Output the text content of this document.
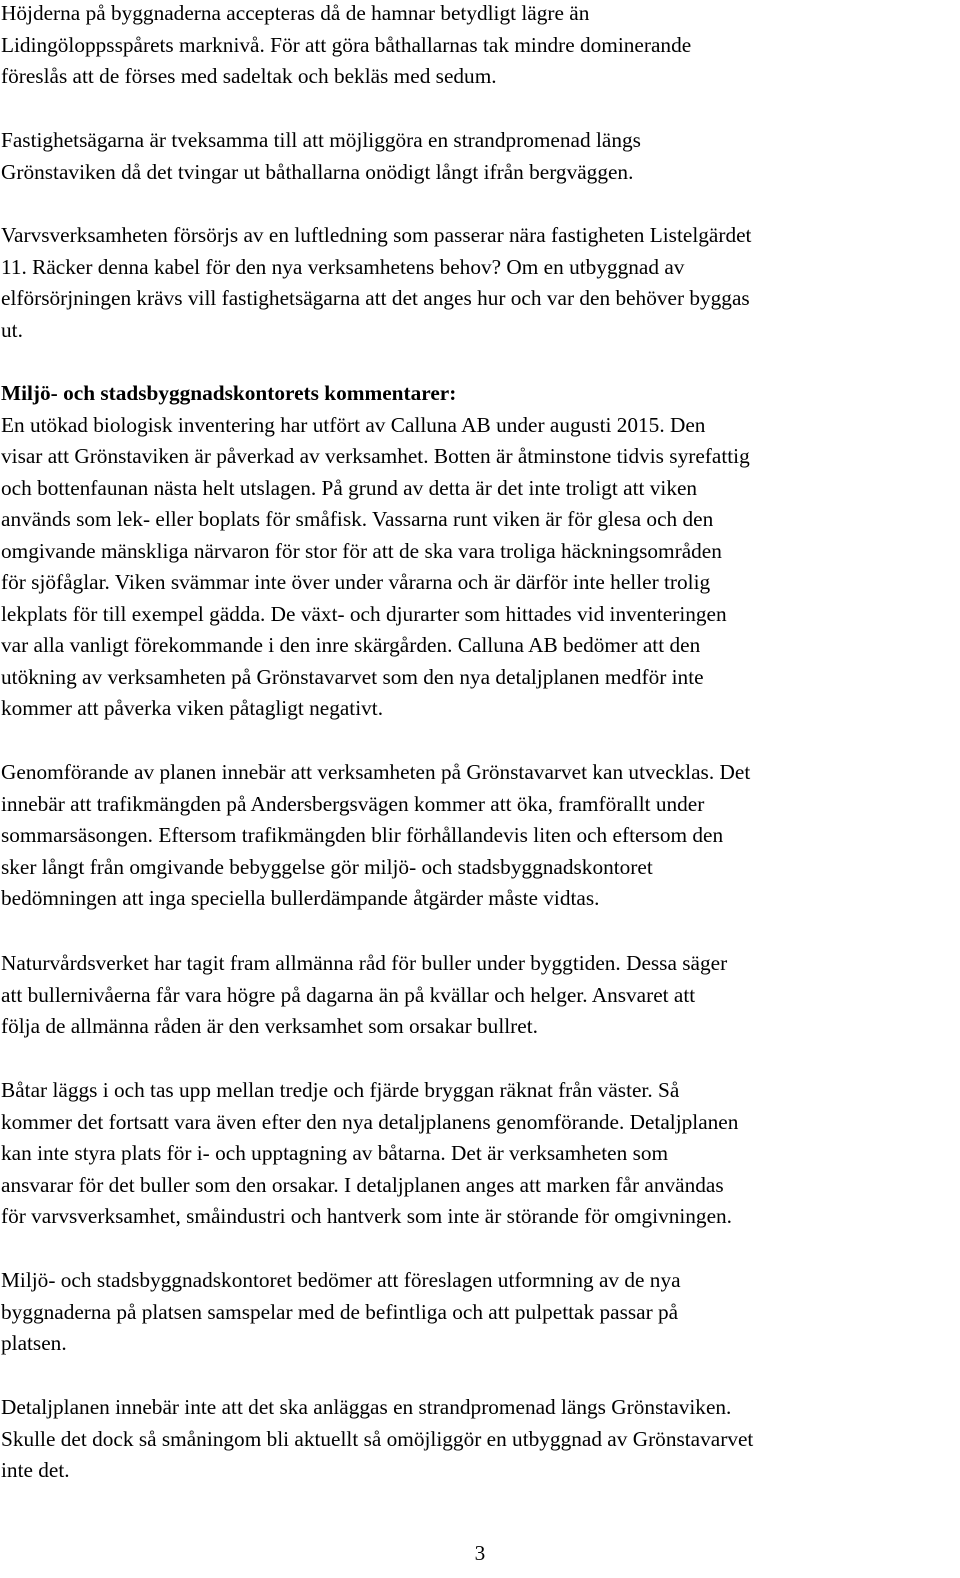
Höjderna på byggnaderna accepteras då de hamnar betydligt lägre än
Lidingöloppsspårets marknivå. För att göra båthallarnas tak mindre dominerande
föreslås att de förses med sadeltak och bekläs med sedum.

Fastighetsägarna är tveksamma till att möjliggöra en strandpromenad längs
Grönstaviken då det tvingar ut båthallarna onödigt långt ifrån bergväggen.

Varvsverksamheten försörjs av en luftledning som passerar nära fastigheten Listelgärdet
11. Räcker denna kabel för den nya verksamhetens behov? Om en utbyggnad av
elförsörjningen krävs vill fastighetsägarna att det anges hur och var den behöver byggas
ut.

Miljö- och stadsbyggnadskontorets kommentarer:
En utökad biologisk inventering har utfört av Calluna AB under augusti 2015. Den
visar att Grönstaviken är påverkad av verksamhet. Botten är åtminstone tidvis syrefattig
och bottenfaunan nästa helt utslagen. På grund av detta är det inte troligt att viken
används som lek- eller boplats för småfisk. Vassarna runt viken är för glesa och den
omgivande mänskliga närvaron för stor för att de ska vara troliga häckningsområden
för sjöfåglar. Viken svämmar inte över under vårarna och är därför inte heller trolig
lekplats för till exempel gädda. De växt- och djurarter som hittades vid inventeringen
var alla vanligt förekommande i den inre skärgården. Calluna AB bedömer att den
utökning av verksamheten på Grönstavarvet som den nya detaljplanen medför inte
kommer att påverka viken påtagligt negativt.

Genomförande av planen innebär att verksamheten på Grönstavarvet kan utvecklas. Det
innebär att trafikmängden på Andersbergsvägen kommer att öka, framförallt under
sommarsäsongen. Eftersom trafikmängden blir förhållandevis liten och eftersom den
sker långt från omgivande bebyggelse gör miljö- och stadsbyggnadskontoret
bedömningen att inga speciella bullerdämpande åtgärder måste vidtas.

Naturvårdsverket har tagit fram allmänna råd för buller under byggtiden. Dessa säger
att bullernivåerna får vara högre på dagarna än på kvällar och helger. Ansvaret att
följa de allmänna råden är den verksamhet som orsakar bullret.

Båtar läggs i och tas upp mellan tredje och fjärde bryggan räknat från väster. Så
kommer det fortsatt vara även efter den nya detaljplanens genomförande. Detaljplanen
kan inte styra plats för i- och upptagning av båtarna. Det är verksamheten som
ansvarar för det buller som den orsakar. I detaljplanen anges att marken får användas
för varvsverksamhet, småindustri och hantverk som inte är störande för omgivningen.

Miljö- och stadsbyggnadskontoret bedömer att föreslagen utformning av de nya
byggnaderna på platsen samspelar med de befintliga och att pulpettak passar på
platsen.

Detaljplanen innebär inte att det ska anläggas en strandpromenad längs Grönstaviken.
Skulle det dock så småningom bli aktuellt så omöjliggör en utbyggnad av Grönstavarvet
inte det.

3
